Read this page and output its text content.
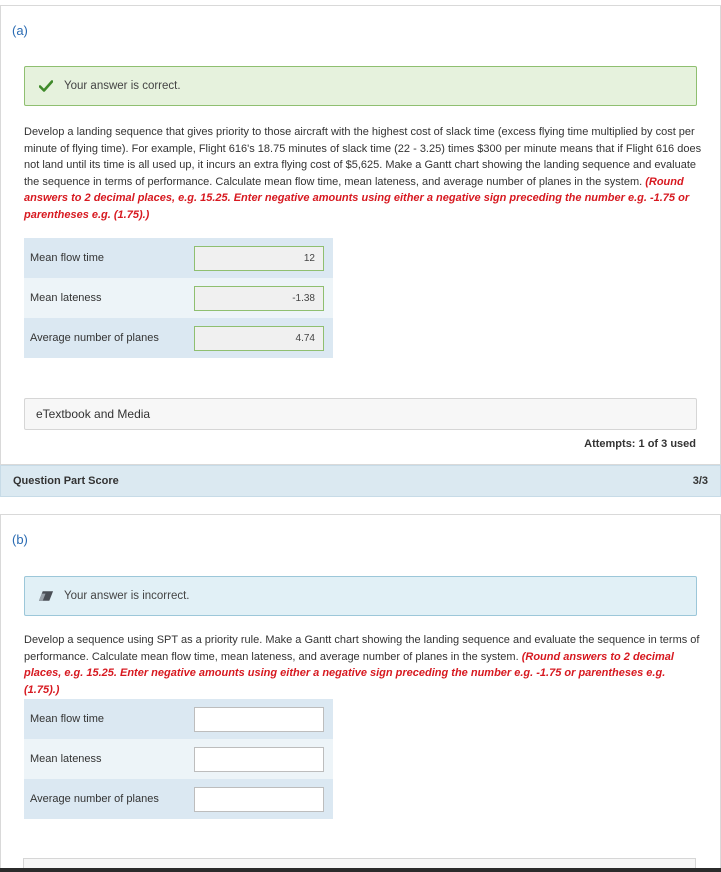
(a)
Your answer is correct.
Develop a landing sequence that gives priority to those aircraft with the highest cost of slack time (excess flying time multiplied by cost per minute of flying time). For example, Flight 616's 18.75 minutes of slack time (22 - 3.25) times $300 per minute means that if Flight 616 does not land until its time is all used up, it incurs an extra flying cost of $5,625. Make a Gantt chart showing the landing sequence and evaluate the sequence in terms of performance. Calculate mean flow time, mean lateness, and average number of planes in the system. (Round answers to 2 decimal places, e.g. 15.25. Enter negative amounts using either a negative sign preceding the number e.g. -1.75 or parentheses e.g. (1.75).)
Mean flow time	12
Mean lateness	-1.38
Average number of planes	4.74
eTextbook and Media
Attempts: 1 of 3 used
Question Part Score	3/3
(b)
Your answer is incorrect.
Develop a sequence using SPT as a priority rule. Make a Gantt chart showing the landing sequence and evaluate the sequence in terms of performance. Calculate mean flow time, mean lateness, and average number of planes in the system. (Round answers to 2 decimal places, e.g. 15.25. Enter negative amounts using either a negative sign preceding the number e.g. -1.75 or parentheses e.g. (1.75).)
Mean flow time
Mean lateness
Average number of planes
